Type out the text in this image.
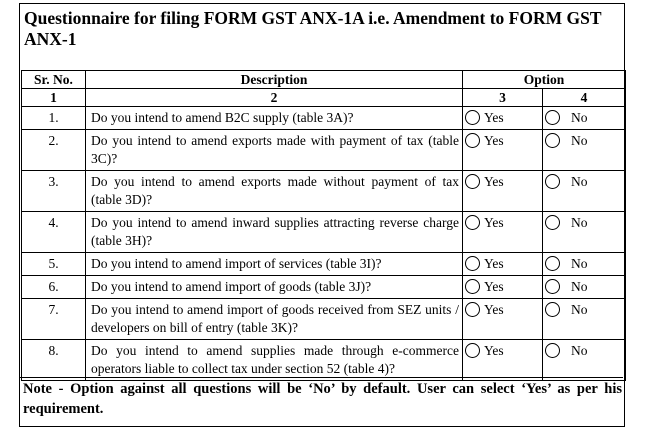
Questionnaire for filing FORM GST ANX-1A i.e. Amendment to FORM GST ANX-1

Sr. No.	Description	Option	
1	2	3	4
1.	Do you intend to amend B2C supply (table 3A)?	Yes	No
2.	Do you intend to amend exports made with payment of tax (table 3C)?	Yes	No
3.	Do you intend to amend exports made without payment of tax (table 3D)?	Yes	No
4.	Do you intend to amend inward supplies attracting reverse charge (table 3H)?	Yes	No
5.	Do you intend to amend import of services (table 3I)?	Yes	No
6.	Do you intend to amend import of goods (table 3J)?	Yes	No
7.	Do you intend to amend import of goods received from SEZ units / developers on bill of entry (table 3K)?	Yes	No
8.	Do you intend to amend supplies made through e-commerce operators liable to collect tax under section 52 (table 4)?	Yes	No

Note - Option against all questions will be ‘No’ by default. User can select ‘Yes’ as per his requirement.
